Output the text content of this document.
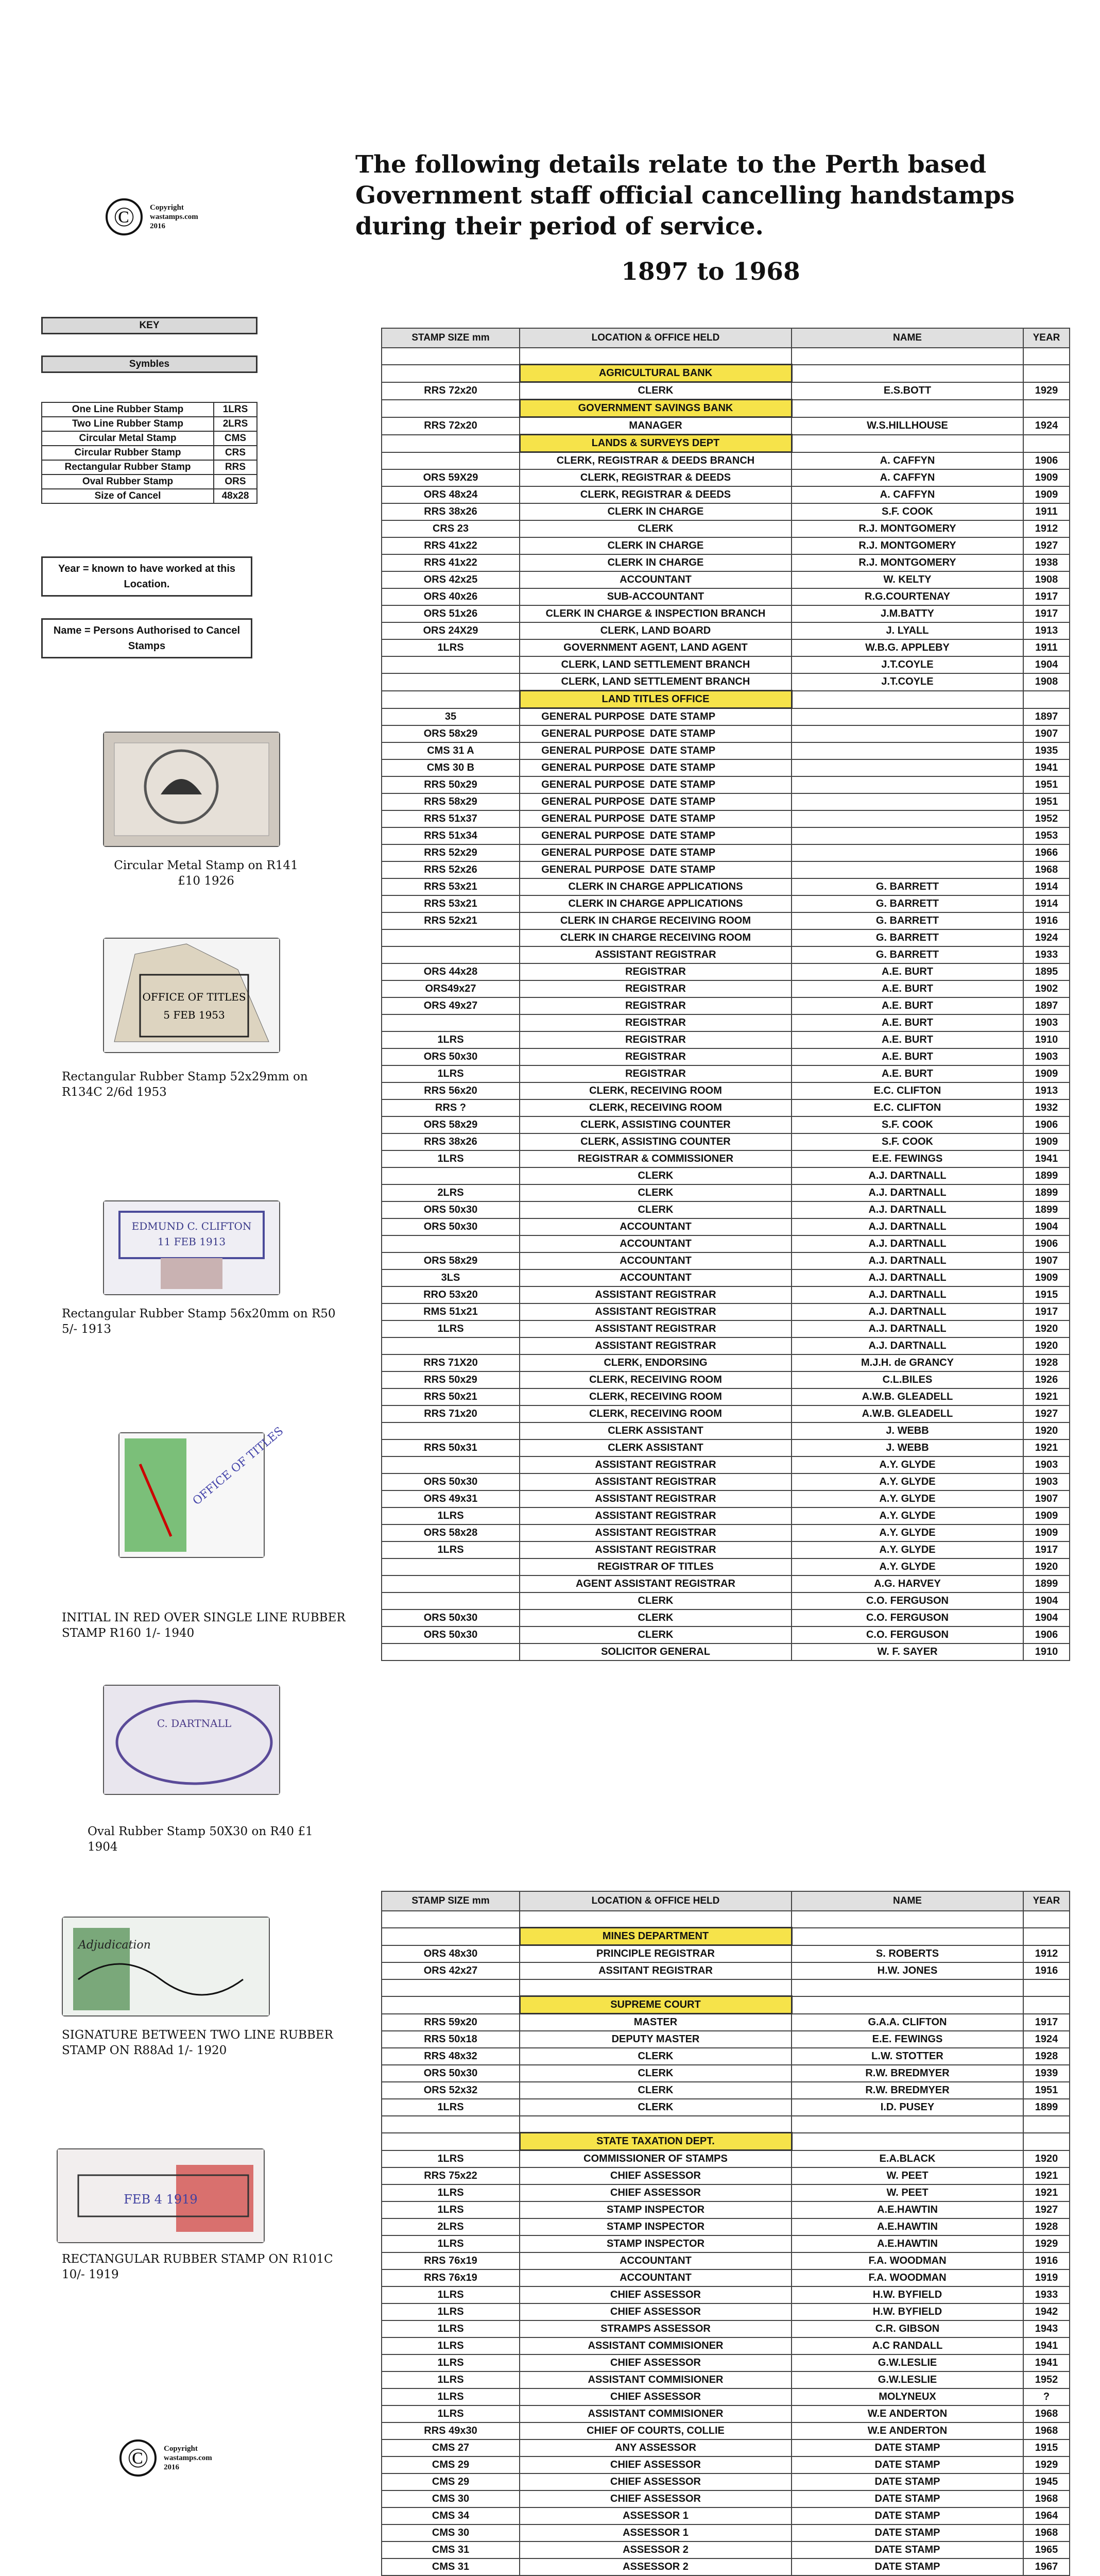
The following details relate to the Perth based Government staff official cancelling handstamps during their period of service.
1897 to 1968
©	Copyright
wastamps.com
2016
KEY
Symbles
One Line Rubber Stamp	1LRS
Two Line Rubber Stamp	2LRS
Circular Metal Stamp	CMS
Circular Rubber Stamp	CRS
Rectangular Rubber Stamp	RRS
Oval Rubber Stamp	ORS
Size of Cancel	48x28
Year = known to have worked at this Location.
Name = Persons Authorised to Cancel Stamps
Circular Metal Stamp on R141 £10 1926
OFFICE OF TITLES
5 FEB 1953
Rectangular Rubber Stamp 52x29mm on R134C 2/6d 1953
EDMUND C. CLIFTON
11 FEB 1913
Rectangular Rubber Stamp 56x20mm on R50 5/- 1913
OFFICE OF TITLES
INITIAL IN RED OVER SINGLE LINE RUBBER STAMP R160 1/- 1940
C. DARTNALL
Oval Rubber Stamp 50X30 on R40 £1 1904
Adjudication
SIGNATURE BETWEEN TWO LINE RUBBER STAMP ON R88Ad 1/- 1920
FEB 4 1919
RECTANGULAR RUBBER STAMP ON R101C 10/- 1919
©	Copyright
wastamps.com
2016
STAMP SIZE mm	LOCATION & OFFICE HELD	NAME	YEAR

	AGRICULTURAL BANK		
RRS 72x20	CLERK	E.S.BOTT	1929
	GOVERNMENT SAVINGS BANK		
RRS 72x20	MANAGER	W.S.HILLHOUSE	1924
	LANDS & SURVEYS DEPT		
	CLERK, REGISTRAR & DEEDS BRANCH	A. CAFFYN	1906
ORS 59X29	CLERK, REGISTRAR & DEEDS	A. CAFFYN	1909
ORS 48x24	CLERK, REGISTRAR & DEEDS	A. CAFFYN	1909
RRS 38x26	CLERK IN CHARGE	S.F. COOK	1911
CRS 23	CLERK	R.J. MONTGOMERY	1912
RRS 41x22	CLERK IN CHARGE	R.J. MONTGOMERY	1927
RRS 41x22	CLERK IN CHARGE	R.J. MONTGOMERY	1938
ORS 42x25	ACCOUNTANT	W. KELTY	1908
ORS 40x26	SUB-ACCOUNTANT	R.G.COURTENAY	1917
ORS 51x26	CLERK IN CHARGE & INSPECTION BRANCH	J.M.BATTY	1917
ORS 24X29	CLERK, LAND BOARD	J. LYALL	1913
1LRS	GOVERNMENT AGENT, LAND AGENT	W.B.G. APPLEBY	1911
	CLERK, LAND SETTLEMENT BRANCH	J.T.COYLE	1904
	CLERK, LAND SETTLEMENT BRANCH	J.T.COYLE	1908
	LAND TITLES OFFICE		
35	GENERAL PURPOSE DATE STAMP		1897
ORS 58x29	GENERAL PURPOSE DATE STAMP		1907
CMS 31 A	GENERAL PURPOSE DATE STAMP		1935
CMS 30 B	GENERAL PURPOSE DATE STAMP		1941
RRS 50x29	GENERAL PURPOSE DATE STAMP		1951
RRS 58x29	GENERAL PURPOSE DATE STAMP		1951
RRS 51x37	GENERAL PURPOSE DATE STAMP		1952
RRS 51x34	GENERAL PURPOSE DATE STAMP		1953
RRS 52x29	GENERAL PURPOSE DATE STAMP		1966
RRS 52x26	GENERAL PURPOSE DATE STAMP		1968
RRS 53x21	CLERK IN CHARGE APPLICATIONS	G. BARRETT	1914
RRS 53x21	CLERK IN CHARGE APPLICATIONS	G. BARRETT	1914
RRS 52x21	CLERK IN CHARGE RECEIVING ROOM	G. BARRETT	1916
	CLERK IN CHARGE RECEIVING ROOM	G. BARRETT	1924
	ASSISTANT REGISTRAR	G. BARRETT	1933
ORS 44x28	REGISTRAR	A.E. BURT	1895
ORS49x27	REGISTRAR	A.E. BURT	1902
ORS 49x27	REGISTRAR	A.E. BURT	1897
	REGISTRAR	A.E. BURT	1903
1LRS	REGISTRAR	A.E. BURT	1910
ORS 50x30	REGISTRAR	A.E. BURT	1903
1LRS	REGISTRAR	A.E. BURT	1909
RRS 56x20	CLERK, RECEIVING ROOM	E.C. CLIFTON	1913
RRS ?	CLERK, RECEIVING ROOM	E.C. CLIFTON	1932
ORS 58x29	CLERK, ASSISTING COUNTER	S.F. COOK	1906
RRS 38x26	CLERK, ASSISTING COUNTER	S.F. COOK	1909
1LRS	REGISTRAR & COMMISSIONER	E.E. FEWINGS	1941
	CLERK	A.J. DARTNALL	1899
2LRS	CLERK	A.J. DARTNALL	1899
ORS 50x30	CLERK	A.J. DARTNALL	1899
ORS 50x30	ACCOUNTANT	A.J. DARTNALL	1904
	ACCOUNTANT	A.J. DARTNALL	1906
ORS 58x29	ACCOUNTANT	A.J. DARTNALL	1907
3LS	ACCOUNTANT	A.J. DARTNALL	1909
RRO 53x20	ASSISTANT REGISTRAR	A.J. DARTNALL	1915
RMS 51x21	ASSISTANT REGISTRAR	A.J. DARTNALL	1917
1LRS	ASSISTANT REGISTRAR	A.J. DARTNALL	1920
	ASSISTANT REGISTRAR	A.J. DARTNALL	1920
RRS 71X20	CLERK, ENDORSING	M.J.H. de GRANCY	1928
RRS 50x29	CLERK, RECEIVING ROOM	C.L.BILES	1926
RRS 50x21	CLERK, RECEIVING ROOM	A.W.B. GLEADELL	1921
RRS 71x20	CLERK, RECEIVING ROOM	A.W.B. GLEADELL	1927
	CLERK ASSISTANT	J. WEBB	1920
RRS 50x31	CLERK ASSISTANT	J. WEBB	1921
	ASSISTANT REGISTRAR	A.Y. GLYDE	1903
ORS 50x30	ASSISTANT REGISTRAR	A.Y. GLYDE	1903
ORS 49x31	ASSISTANT REGISTRAR	A.Y. GLYDE	1907
1LRS	ASSISTANT REGISTRAR	A.Y. GLYDE	1909
ORS 58x28	ASSISTANT REGISTRAR	A.Y. GLYDE	1909
1LRS	ASSISTANT REGISTRAR	A.Y. GLYDE	1917
	REGISTRAR OF TITLES	A.Y. GLYDE	1920
	AGENT ASSISTANT REGISTRAR	A.G. HARVEY	1899
	CLERK	C.O. FERGUSON	1904
ORS 50x30	CLERK	C.O. FERGUSON	1904
ORS 50x30	CLERK	C.O. FERGUSON	1906
	SOLICITOR GENERAL	W. F. SAYER	1910
STAMP SIZE mm	LOCATION & OFFICE HELD	NAME	YEAR

	MINES DEPARTMENT		
ORS 48x30	PRINCIPLE REGISTRAR	S. ROBERTS	1912
ORS 42x27	ASSITANT REGISTRAR	H.W. JONES	1916

	SUPREME COURT		
RRS 59x20	MASTER	G.A.A. CLIFTON	1917
RRS 50x18	DEPUTY MASTER	E.E. FEWINGS	1924
RRS 48x32	CLERK	L.W. STOTTER	1928
ORS 50x30	CLERK	R.W. BREDMYER	1939
ORS 52x32	CLERK	R.W. BREDMYER	1951
1LRS	CLERK	I.D. PUSEY	1899

	STATE TAXATION DEPT.		
1LRS	COMMISSIONER OF STAMPS	E.A.BLACK	1920
RRS 75x22	CHIEF ASSESSOR	W. PEET	1921
1LRS	CHIEF ASSESSOR	W. PEET	1921
1LRS	STAMP INSPECTOR	A.E.HAWTIN	1927
2LRS	STAMP INSPECTOR	A.E.HAWTIN	1928
1LRS	STAMP INSPECTOR	A.E.HAWTIN	1929
RRS 76x19	ACCOUNTANT	F.A. WOODMAN	1916
RRS 76x19	ACCOUNTANT	F.A. WOODMAN	1919
1LRS	CHIEF ASSESSOR	H.W. BYFIELD	1933
1LRS	CHIEF ASSESSOR	H.W. BYFIELD	1942
1LRS	STRAMPS ASSESSOR	C.R. GIBSON	1943
1LRS	ASSISTANT COMMISIONER	A.C RANDALL	1941
1LRS	CHIEF ASSESSOR	G.W.LESLIE	1941
1LRS	ASSISTANT COMMISIONER	G.W.LESLIE	1952
1LRS	CHIEF ASSESSOR	MOLYNEUX	?
1LRS	ASSISTANT COMMISIONER	W.E ANDERTON	1968
RRS 49x30	CHIEF OF COURTS, COLLIE	W.E ANDERTON	1968
CMS 27	ANY ASSESSOR	DATE STAMP	1915
CMS 29	CHIEF ASSESSOR	DATE STAMP	1929
CMS 29	CHIEF ASSESSOR	DATE STAMP	1945
CMS 30	CHIEF ASSESSOR	DATE STAMP	1968
CMS 34	ASSESSOR 1	DATE STAMP	1964
CMS 30	ASSESSOR 1	DATE STAMP	1968
CMS 31	ASSESSOR 2	DATE STAMP	1965
CMS 31	ASSESSOR 2	DATE STAMP	1967
